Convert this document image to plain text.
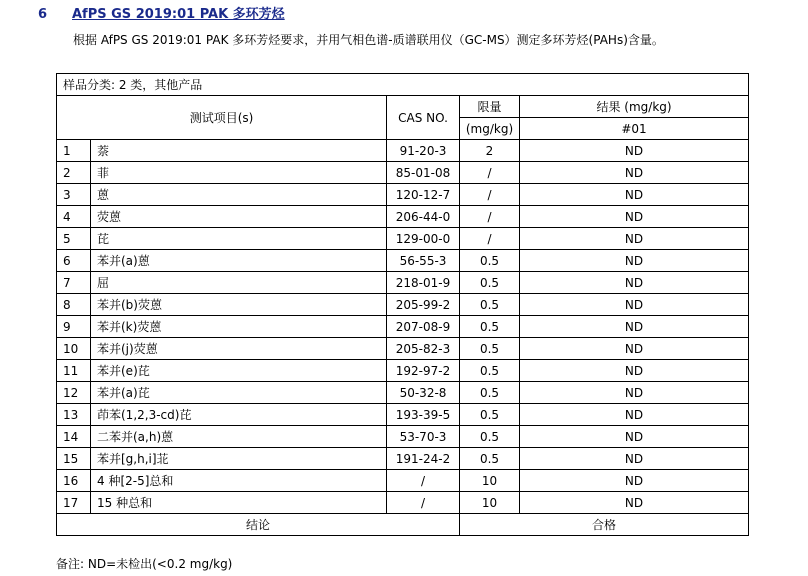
6 AfPS GS 2019:01 PAK 多环芳烃
根据 AfPS GS 2019:01 PAK 多环芳烃要求，并用气相色谱-质谱联用仪（GC-MS）测定多环芳烃(PAHs)含量。
样品分类: 2 类，其他产品				
测试项目(s)		CAS NO.	限量	结果 (mg/kg)
			(mg/kg)	#01
1	萘	91-20-3	2	ND
2	菲	85-01-08	/	ND
3	蒽	120-12-7	/	ND
4	荧蒽	206-44-0	/	ND
5	芘	129-00-0	/	ND
6	苯并(a)蒽	56-55-3	0.5	ND
7	屈	218-01-9	0.5	ND
8	苯并(b)荧蒽	205-99-2	0.5	ND
9	苯并(k)荧蒽	207-08-9	0.5	ND
10	苯并(j)荧蒽	205-82-3	0.5	ND
11	苯并(e)芘	192-97-2	0.5	ND
12	苯并(a)芘	50-32-8	0.5	ND
13	茚苯(1,2,3-cd)芘	193-39-5	0.5	ND
14	二苯并(a,h)蒽	53-70-3	0.5	ND
15	苯并[g,h,i]苝	191-24-2	0.5	ND
16	4 种[2-5]总和	/	10	ND
17	15 种总和	/	10	ND
结论			合格	
备注: ND=未检出(<0.2 mg/kg)
